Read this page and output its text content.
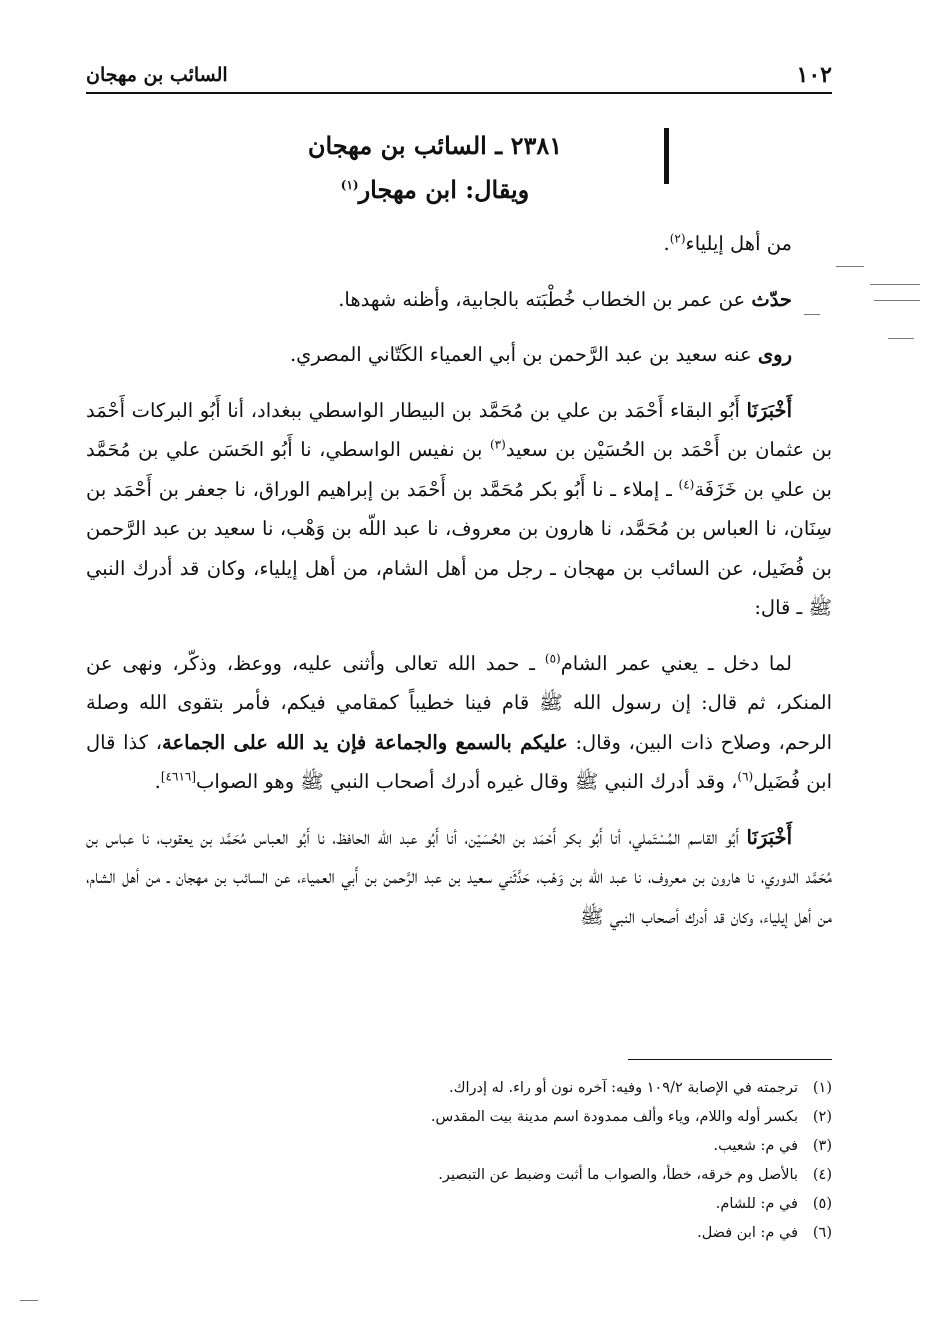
١٠٢
السائب بن مهجان
٢٣٨١ ـ السائب بن مهجان
ويقال: ابن مهجار$^{(١)}$

من أهل إيلياء$^{(٢)}$.

حدّث عن عمر بن الخطاب خُطْبَته بالجابية، وأظنه شهدها.

روى عنه سعيد بن عبد الرَّحمن بن أبي العمياء الكَتّاني المصري.

أَخْبَرَنَا أَبُو البقاء أَحْمَد بن علي بن مُحَمَّد بن البيطار الواسطي ببغداد، أنا أَبُو البركات أَحْمَد بن عثمان بن أَحْمَد بن الحُسَيْن بن سعيد$^{(٣)}$ بن نفيس الواسطي، نا أَبُو الحَسَن علي بن مُحَمَّد بن علي بن خَزَفَة$^{(٤)}$ ـ إملاء ـ نا أَبُو بكر مُحَمَّد بن أَحْمَد بن إبراهيم الوراق، نا جعفر بن أَحْمَد بن سِنَان، نا العباس بن مُحَمَّد، نا هارون بن معروف، نا عبد اللّه بن وَهْب، نا سعيد بن عبد الرَّحمن بن فُضَيل، عن السائب بن مهجان ـ رجل من أهل الشام، من أهل إيلياء، وكان قد أدرك النبي ﷺ ـ قال:

لما دخل ـ يعني عمر الشام$^{(٥)}$ ـ حمد الله تعالى وأثنى عليه، ووعظ، وذكّر، ونهى عن المنكر، ثم قال: إن رسول الله ﷺ قام فينا خطيباً كمقامي فيكم، فأمر بتقوى الله وصلة الرحم، وصلاح ذات البين، وقال: عليكم بالسمع والجماعة فإن يد الله على الجماعة، كذا قال ابن فُضَيل$^{(٦)}$، وقد أدرك النبي ﷺ وقال غيره أدرك أصحاب النبي ﷺ وهو الصواب[٤٦١٦].

أَخْبَرَنَا أَبُو القاسم المُسْتَملي، أنا أَبُو بكر أَحْمَد بن الحُسَيْن، أنا أَبُو عبد الله الحافظ، نا أَبُو العباس مُحَمَّد بن يعقوب، نا عباس بن مُحَمَّد الدوري، نا هارون بن معروف، نا عبد اللّه بن وَهْب، حَدَّثَني سعيد بن عبد الرَّحمن بن أَبي العمياء، عن السائب بن مهجان ـ من أهل الشام، من أهل إيلياء، وكان قد أدرك أصحاب النبي ﷺ

(١)ترجمته في الإصابة ١٠٩/٢ وفيه: آخره نون أو راء. له إدراك.
(٢)بكسر أوله واللام، وياء وألف ممدودة اسم مدينة بيت المقدس.
(٣)في م: شعيب.
(٤)بالأصل وم خرقه، خطأ، والصواب ما أثبت وضبط عن التبصير.
(٥)في م: للشام.
(٦)في م: ابن فضل.
